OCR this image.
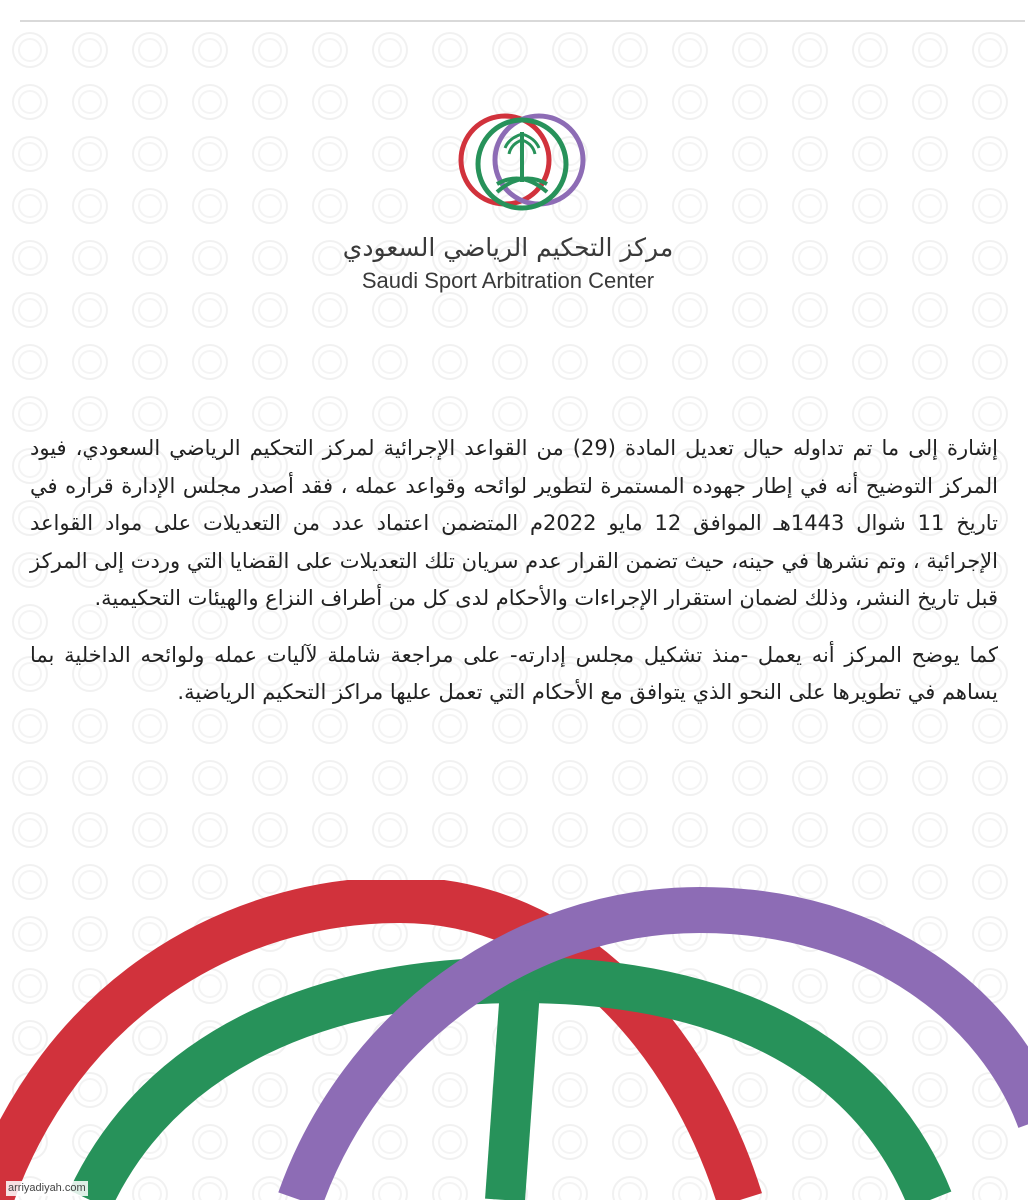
مركز التحكيم الرياضي السعودي
Saudi Sport Arbitration Center

إشارة إلى ما تم تداوله حيال تعديل المادة (29) من القواعد الإجرائية لمركز التحكيم الرياضي السعودي، فيود المركز التوضيح أنه في إطار جهوده المستمرة لتطوير لوائحه وقواعد عمله ، فقد أصدر مجلس الإدارة قراره في تاريخ 11 شوال 1443هـ الموافق 12 مايو 2022م المتضمن اعتماد عدد من التعديلات على مواد القواعد الإجرائية ، وتم نشرها في حينه، حيث تضمن القرار عدم سريان تلك التعديلات على القضايا التي وردت إلى المركز قبل تاريخ النشر، وذلك لضمان استقرار الإجراءات والأحكام لدى كل من أطراف النزاع والهيئات التحكيمية.

كما يوضح المركز أنه يعمل -منذ تشكيل مجلس إدارته- على مراجعة شاملة لآليات عمله ولوائحه الداخلية بما يساهم في تطويرها على النحو الذي يتوافق مع الأحكام التي تعمل عليها مراكز التحكيم الرياضية.

arriyadiyah.com
